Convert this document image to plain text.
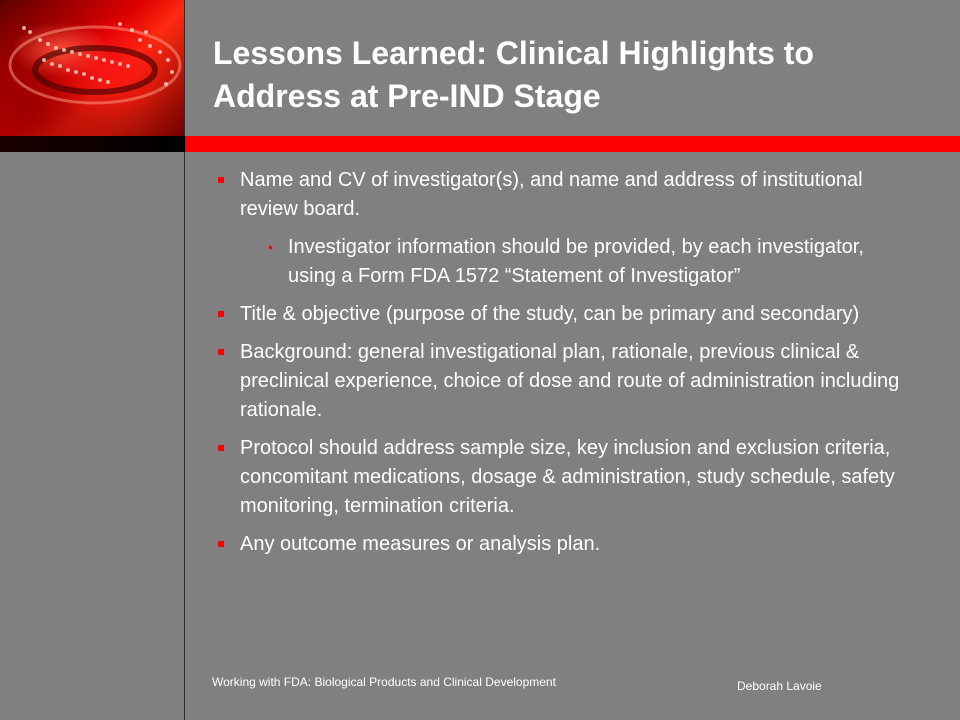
Lessons Learned: Clinical Highlights to Address at Pre-IND Stage
Name and CV of investigator(s), and name and address of institutional review board.
• Investigator information should be provided, by each investigator, using a Form FDA 1572 “Statement of Investigator”
Title & objective (purpose of the study, can be primary and secondary)
Background: general investigational plan, rationale, previous clinical & preclinical experience, choice of dose and route of administration including rationale.
Protocol should address sample size, key inclusion and exclusion criteria, concomitant medications, dosage & administration, study schedule, safety monitoring, termination criteria.
Any outcome measures or analysis plan.
Working with FDA: Biological Products and Clinical Development	Deborah Lavoie
